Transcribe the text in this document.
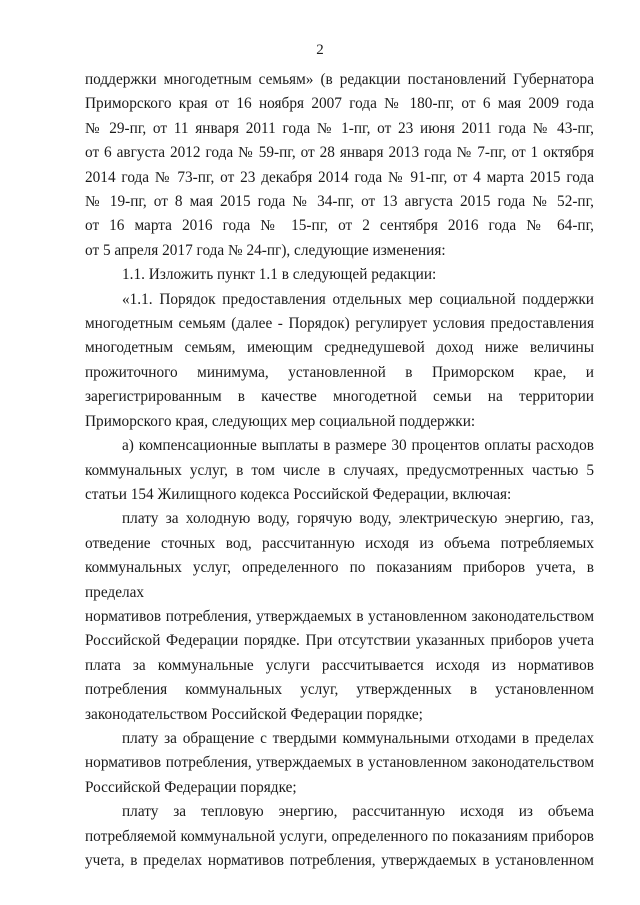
2

поддержки многодетным семьям» (в редакции постановлений Губернатора

Приморского края от 16 ноября 2007 года № 180-пг, от 6 мая 2009 года

№ 29-пг, от 11 января 2011 года № 1-пг, от 23 июня 2011 года № 43-пг,

от 6 августа 2012 года № 59-пг, от 28 января 2013 года № 7-пг, от 1 октября

2014 года № 73-пг, от 23 декабря 2014 года № 91-пг, от 4 марта 2015 года

№ 19-пг, от 8 мая 2015 года № 34-пг, от 13 августа 2015 года № 52-пг,

от 16 марта 2016 года № 15-пг, от 2 сентября 2016 года № 64-пг,

от 5 апреля 2017 года № 24-пг), следующие изменения:

1.1. Изложить пункт 1.1 в следующей редакции:

«1.1. Порядок предоставления отдельных мер социальной поддержки

многодетным семьям (далее - Порядок) регулирует условия предоставления

многодетным семьям, имеющим среднедушевой доход ниже величины

прожиточного минимума, установленной в Приморском крае, и

зарегистрированным в качестве многодетной семьи на территории

Приморского края, следующих мер социальной поддержки:

а) компенсационные выплаты в размере 30 процентов оплаты расходов

коммунальных услуг, в том числе в случаях, предусмотренных частью 5

статьи 154 Жилищного кодекса Российской Федерации, включая:

плату за холодную воду, горячую воду, электрическую энергию, газ,

отведение сточных вод, рассчитанную исходя из объема потребляемых

коммунальных услуг, определенного по показаниям приборов учета, в пределах

нормативов потребления, утверждаемых в установленном законодательством

Российской Федерации порядке. При отсутствии указанных приборов учета

плата за коммунальные услуги рассчитывается исходя из нормативов

потребления коммунальных услуг, утвержденных в установленном

законодательством Российской Федерации порядке;

плату за обращение с твердыми коммунальными отходами в пределах

нормативов потребления, утверждаемых в установленном законодательством

Российской Федерации порядке;

плату за тепловую энергию, рассчитанную исходя из объема

потребляемой коммунальной услуги, определенного по показаниям приборов

учета, в пределах нормативов потребления, утверждаемых в установленном
